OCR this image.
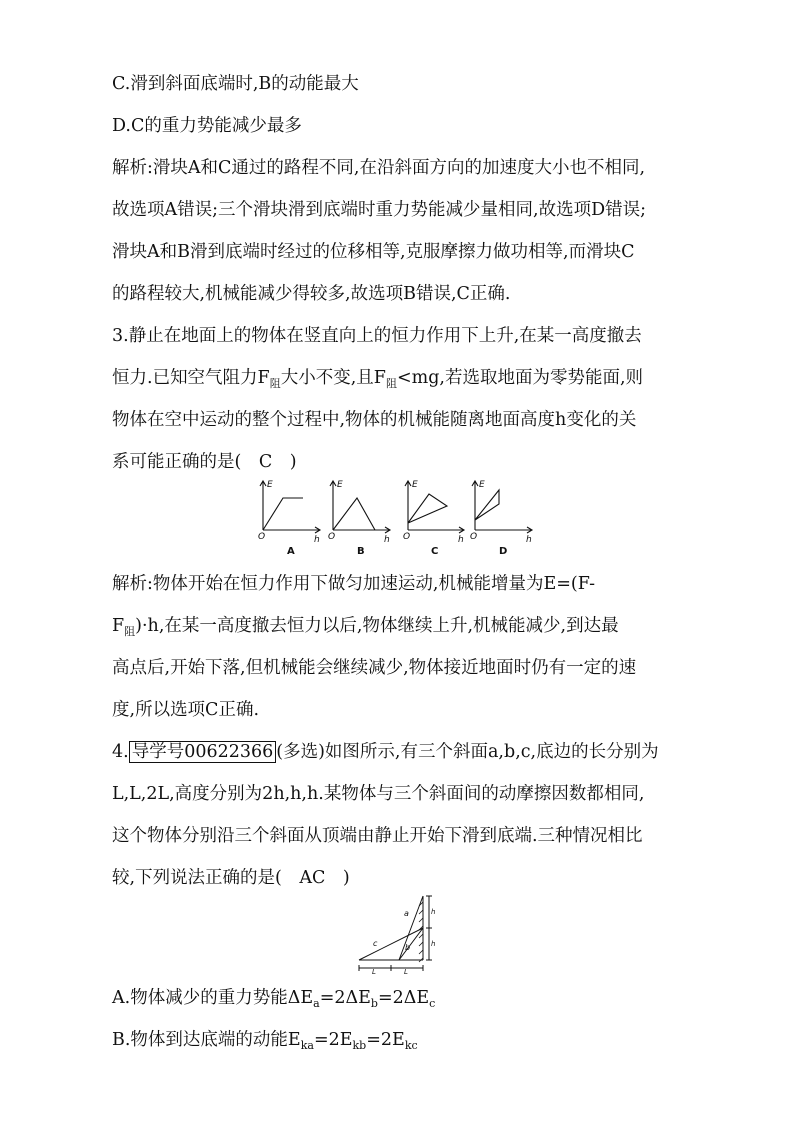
C.滑到斜面底端时,B的动能最大
D.C的重力势能减少最多
解析:滑块A和C通过的路程不同,在沿斜面方向的加速度大小也不相同,
故选项A错误;三个滑块滑到底端时重力势能减少量相同,故选项D错误;
滑块A和B滑到底端时经过的位移相等,克服摩擦力做功相等,而滑块C
的路程较大,机械能减少得较多,故选项B错误,C正确.
3.静止在地面上的物体在竖直向上的恒力作用下上升,在某一高度撤去
恒力.已知空气阻力$F_阻$大小不变,且$F_阻<mg$,若选取地面为零势能面,则
物体在空中运动的整个过程中,物体的机械能随离地面高度h变化的关
系可能正确的是(　C　)
E	E	E	E
O	O	O	O
h	h	h	h
A	B	C	D
解析:物体开始在恒力作用下做匀加速运动,机械能增量为E=(F-
$F_阻)\cdot h$,在某一高度撤去恒力以后,物体继续上升,机械能减少,到达最
高点后,开始下落,但机械能会继续减少,物体接近地面时仍有一定的速
度,所以选项C正确.
4. 导学号00622366 (多选)如图所示,有三个斜面a,b,c,底边的长分别为
L,L,2L,高度分别为2h,h,h.某物体与三个斜面间的动摩擦因数都相同,
这个物体分别沿三个斜面从顶端由静止开始下滑到底端.三种情况相比
较,下列说法正确的是(　AC　)
a
b
c
h
h
L	L
A.物体减少的重力势能$\Delta E_a=2\Delta E_b=2\Delta E_c$
B.物体到达底端的动能$E_{ka}=2E_{kb}=2E_{kc}$
